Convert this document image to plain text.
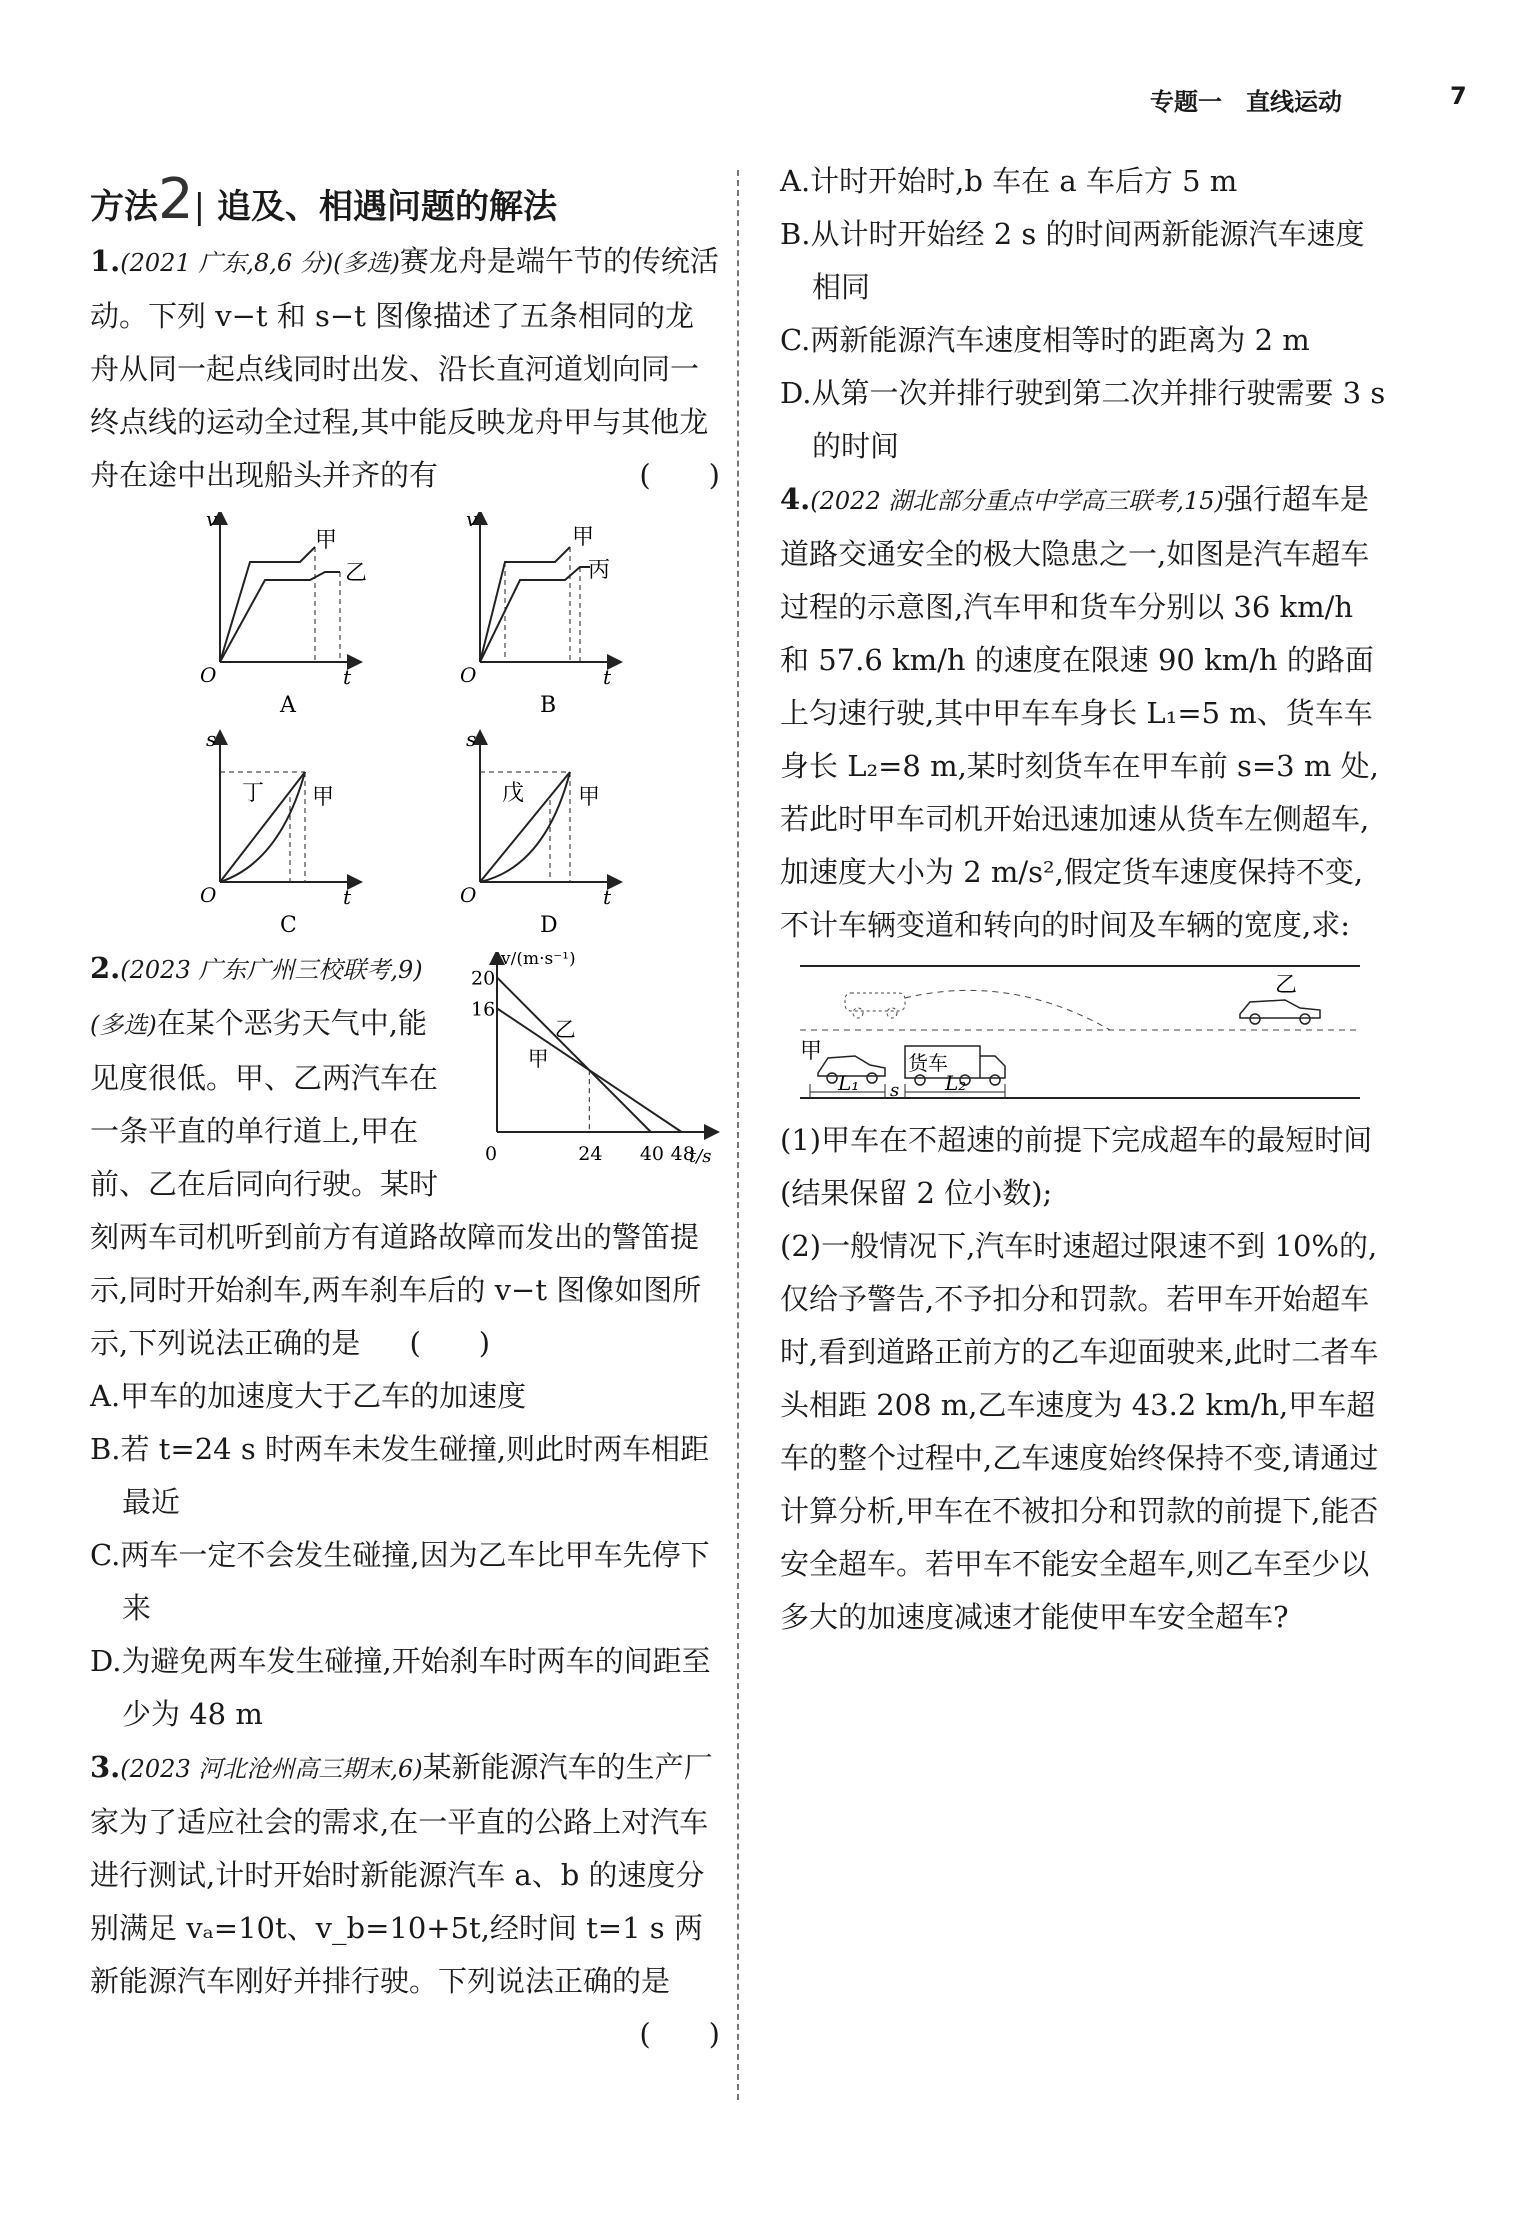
专题一　直线运动	7
方法2| 追及、相遇问题的解法
1.(2021 广东,8,6 分)(多选)赛龙舟是端午节的传统活动。下列 v−t 和 s−t 图像描述了五条相同的龙舟从同一起点线同时出发、沿长直河道划向同一终点线的运动全过程,其中能反映龙舟甲与其他龙舟在途中出现船头并齐的有	(　　)
v
t
O
甲
乙
A
v
t
O
甲
丙
B
s
t
O
丁 甲
C
s
t
O
戊 甲
D
v/(m·s⁻¹)
t/s
0
20
16
24 40 48
乙
甲
2.(2023 广东广州三校联考,9)(多选)在某个恶劣天气中,能见度很低。甲、乙两汽车在一条平直的单行道上,甲在前、乙在后同向行驶。某时刻两车司机听到前方有道路故障而发出的警笛提示,同时开始刹车,两车刹车后的 v−t 图像如图所示,下列说法正确的是 (　　)
A.甲车的加速度大于乙车的加速度
B.若 t=24 s 时两车未发生碰撞,则此时两车相距最近
C.两车一定不会发生碰撞,因为乙车比甲车先停下来
D.为避免两车发生碰撞,开始刹车时两车的间距至少为 48 m
3.(2023 河北沧州高三期末,6)某新能源汽车的生产厂家为了适应社会的需求,在一平直的公路上对汽车进行测试,计时开始时新能源汽车 a、b 的速度分别满足 vₐ=10t、v_b=10+5t,经时间 t=1 s 两新能源汽车刚好并排行驶。下列说法正确的是
(　　)
A.计时开始时,b 车在 a 车后方 5 m
B.从计时开始经 2 s 的时间两新能源汽车速度相同
C.两新能源汽车速度相等时的距离为 2 m
D.从第一次并排行驶到第二次并排行驶需要 3 s 的时间
4.(2022 湖北部分重点中学高三联考,15)强行超车是道路交通安全的极大隐患之一,如图是汽车超车过程的示意图,汽车甲和货车分别以 36 km/h 和 57.6 km/h 的速度在限速 90 km/h 的路面上匀速行驶,其中甲车车身长 L₁=5 m、货车车身长 L₂=8 m,某时刻货车在甲车前 s=3 m 处,若此时甲车司机开始迅速加速从货车左侧超车,加速度大小为 2 m/s²,假定货车速度保持不变,不计车辆变道和转向的时间及车辆的宽度,求:
乙
甲	货车
L₁ s L₂
(1)甲车在不超速的前提下完成超车的最短时间(结果保留 2 位小数);
(2)一般情况下,汽车时速超过限速不到 10%的,仅给予警告,不予扣分和罚款。若甲车开始超车时,看到道路正前方的乙车迎面驶来,此时二者车头相距 208 m,乙车速度为 43.2 km/h,甲车超车的整个过程中,乙车速度始终保持不变,请通过计算分析,甲车在不被扣分和罚款的前提下,能否安全超车。若甲车不能安全超车,则乙车至少以多大的加速度减速才能使甲车安全超车?
